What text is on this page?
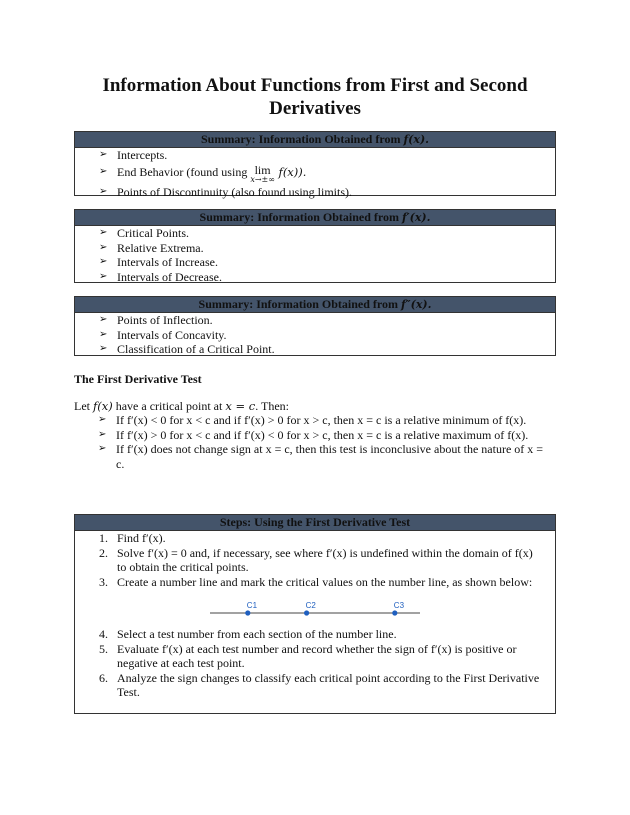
Information About Functions from First and Second Derivatives
Summary: Information Obtained from f(x).
➢ Intercepts.
➢ End Behavior (found using lim
x→±∞
f(x)).
➢ Points of Discontinuity (also found using limits).
Summary: Information Obtained from f′(x).
➢ Critical Points.
➢ Relative Extrema.
➢ Intervals of Increase.
➢ Intervals of Decrease.
Summary: Information Obtained from f″(x).
➢ Points of Inflection.
➢ Intervals of Concavity.
➢ Classification of a Critical Point.
The First Derivative Test
Let f(x) have a critical point at x = c. Then:
➢ If f′(x) < 0 for x < c and if f′(x) > 0 for x > c, then x = c is a relative minimum of f(x).
➢ If f′(x) > 0 for x < c and if f′(x) < 0 for x > c, then x = c is a relative maximum of f(x).
➢ If f′(x) does not change sign at x = c, then this test is inconclusive about the nature of x = c.
Steps: Using the First Derivative Test
1. Find f′(x).
2. Solve f′(x) = 0 and, if necessary, see where f′(x) is undefined within the domain of f(x) to obtain the critical points.
3. Create a number line and mark the critical values on the number line, as shown below:
C1	C2	C3
4. Select a test number from each section of the number line.
5. Evaluate f′(x) at each test number and record whether the sign of f′(x) is positive or negative at each test point.
6. Analyze the sign changes to classify each critical point according to the First Derivative Test.
